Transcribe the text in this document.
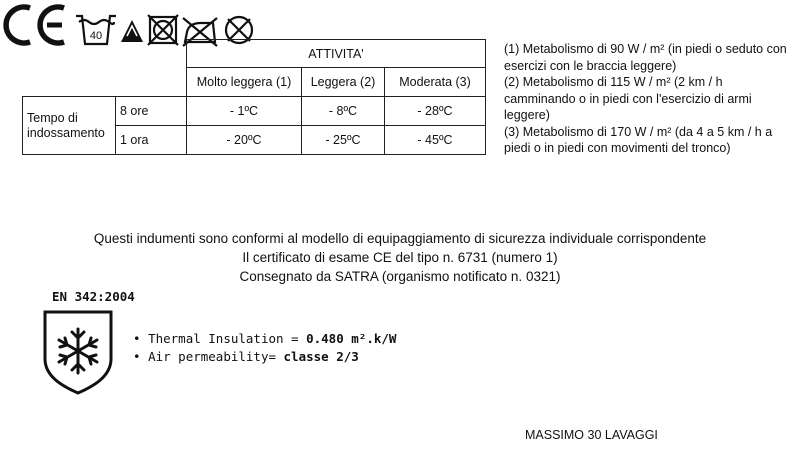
		ATTIVITA'		
		Molto leggera (1)	Leggera (2)	Moderata (3)
Tempo di
indossamento	8 ore	- 1ºC	- 8ºC	- 28ºC
	1 ora	- 20ºC	- 25ºC	- 45ºC
(1) Metabolismo di 90 W / m² (in piedi o seduto con esercizi con le braccia leggere)
(2) Metabolismo di 115 W / m² (2 km / h camminando o in piedi con l'esercizio di armi leggere)
(3) Metabolismo di 170 W / m² (da 4 a 5 km / h a piedi o in piedi con movimenti del tronco)
Questi indumenti sono conformi al modello di equipaggiamento di sicurezza individuale corrispondente
Il certificato di esame CE del tipo n. 6731 (numero 1)
Consegnato da SATRA (organismo notificato n. 0321)
EN 342:2004
• Thermal Insulation = 0.480 m².k/W
• Air permeability= classe 2/3
CE

40
MASSIMO 30 LAVAGGI
